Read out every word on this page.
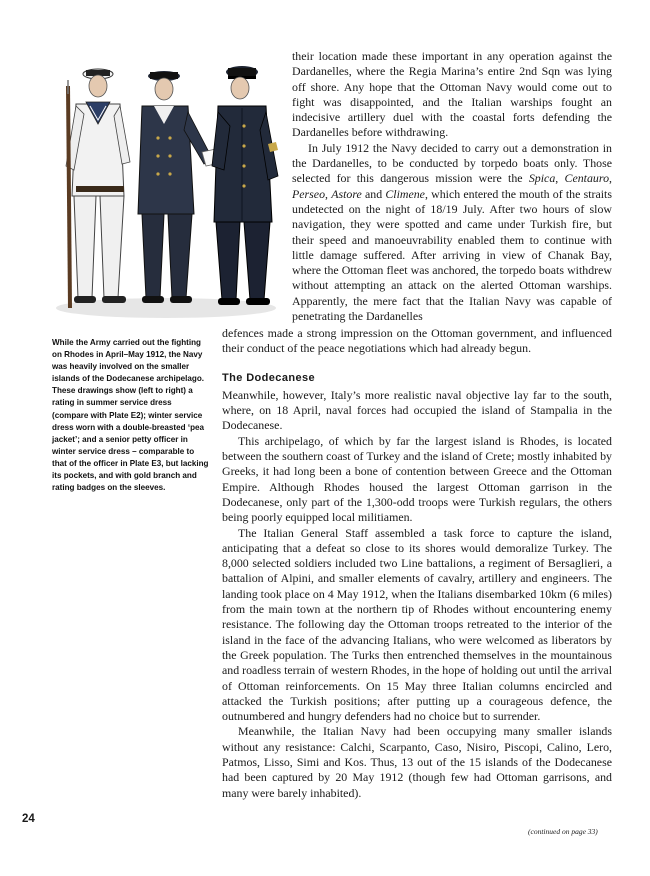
While the Army carried out the fighting on Rhodes in April–May 1912, the Navy was heavily involved on the smaller islands of the Dodecanese archipelago. These drawings show (left to right) a rating in summer service dress (compare with Plate E2); winter service dress worn with a double-breasted ‘pea jacket’; and a senior petty officer in winter service dress – comparable to that of the officer in Plate E3, but lacking its pockets, and with gold branch and rating badges on the sleeves.

their location made these important in any operation against the Dardanelles, where the Regia Marina’s entire 2nd Sqn was lying off shore. Any hope that the Ottoman Navy would come out to fight was disappointed, and the Italian warships fought an indecisive artillery duel with the coastal forts defending the Dardanelles before withdrawing.

In July 1912 the Navy decided to carry out a demonstration in the Dardanelles, to be conducted by torpedo boats only. Those selected for this dangerous mission were the Spica, Centauro, Perseo, Astore and Climene, which entered the mouth of the straits undetected on the night of 18/19 July. After two hours of slow navigation, they were spotted and came under Turkish fire, but their speed and manoeuvrability enabled them to continue with little damage suffered. After arriving in view of Chanak Bay, where the Ottoman fleet was anchored, the torpedo boats withdrew without attempting an attack on the alerted Ottoman warships. Apparently, the mere fact that the Italian Navy was capable of penetrating the Dardanelles

defences made a strong impression on the Ottoman government, and influenced their conduct of the peace negotiations which had already begun.

The Dodecanese

Meanwhile, however, Italy’s more realistic naval objective lay far to the south, where, on 18 April, naval forces had occupied the island of Stampalia in the Dodecanese.

This archipelago, of which by far the largest island is Rhodes, is located between the southern coast of Turkey and the island of Crete; mostly inhabited by Greeks, it had long been a bone of contention between Greece and the Ottoman Empire. Although Rhodes housed the largest Ottoman garrison in the Dodecanese, only part of the 1,300-odd troops were Turkish regulars, the others being poorly equipped local militiamen.

The Italian General Staff assembled a task force to capture the island, anticipating that a defeat so close to its shores would demoralize Turkey. The 8,000 selected soldiers included two Line battalions, a regiment of Bersaglieri, a battalion of Alpini, and smaller elements of cavalry, artillery and engineers. The landing took place on 4 May 1912, when the Italians disembarked 10km (6 miles) from the main town at the northern tip of Rhodes without encountering enemy resistance. The following day the Ottoman troops retreated to the interior of the island in the face of the advancing Italians, who were welcomed as liberators by the Greek population. The Turks then entrenched themselves in the mountainous and roadless terrain of western Rhodes, in the hope of holding out until the arrival of Ottoman reinforcements. On 15 May three Italian columns encircled and attacked the Turkish positions; after putting up a courageous defence, the outnumbered and hungry defenders had no choice but to surrender.

Meanwhile, the Italian Navy had been occupying many smaller islands without any resistance: Calchi, Scarpanto, Caso, Nisiro, Piscopi, Calino, Lero, Patmos, Lisso, Simi and Kos. Thus, 13 out of the 15 islands of the Dodecanese had been captured by 20 May 1912 (though few had Ottoman garrisons, and many were barely inhabited).

24
(continued on page 33)
